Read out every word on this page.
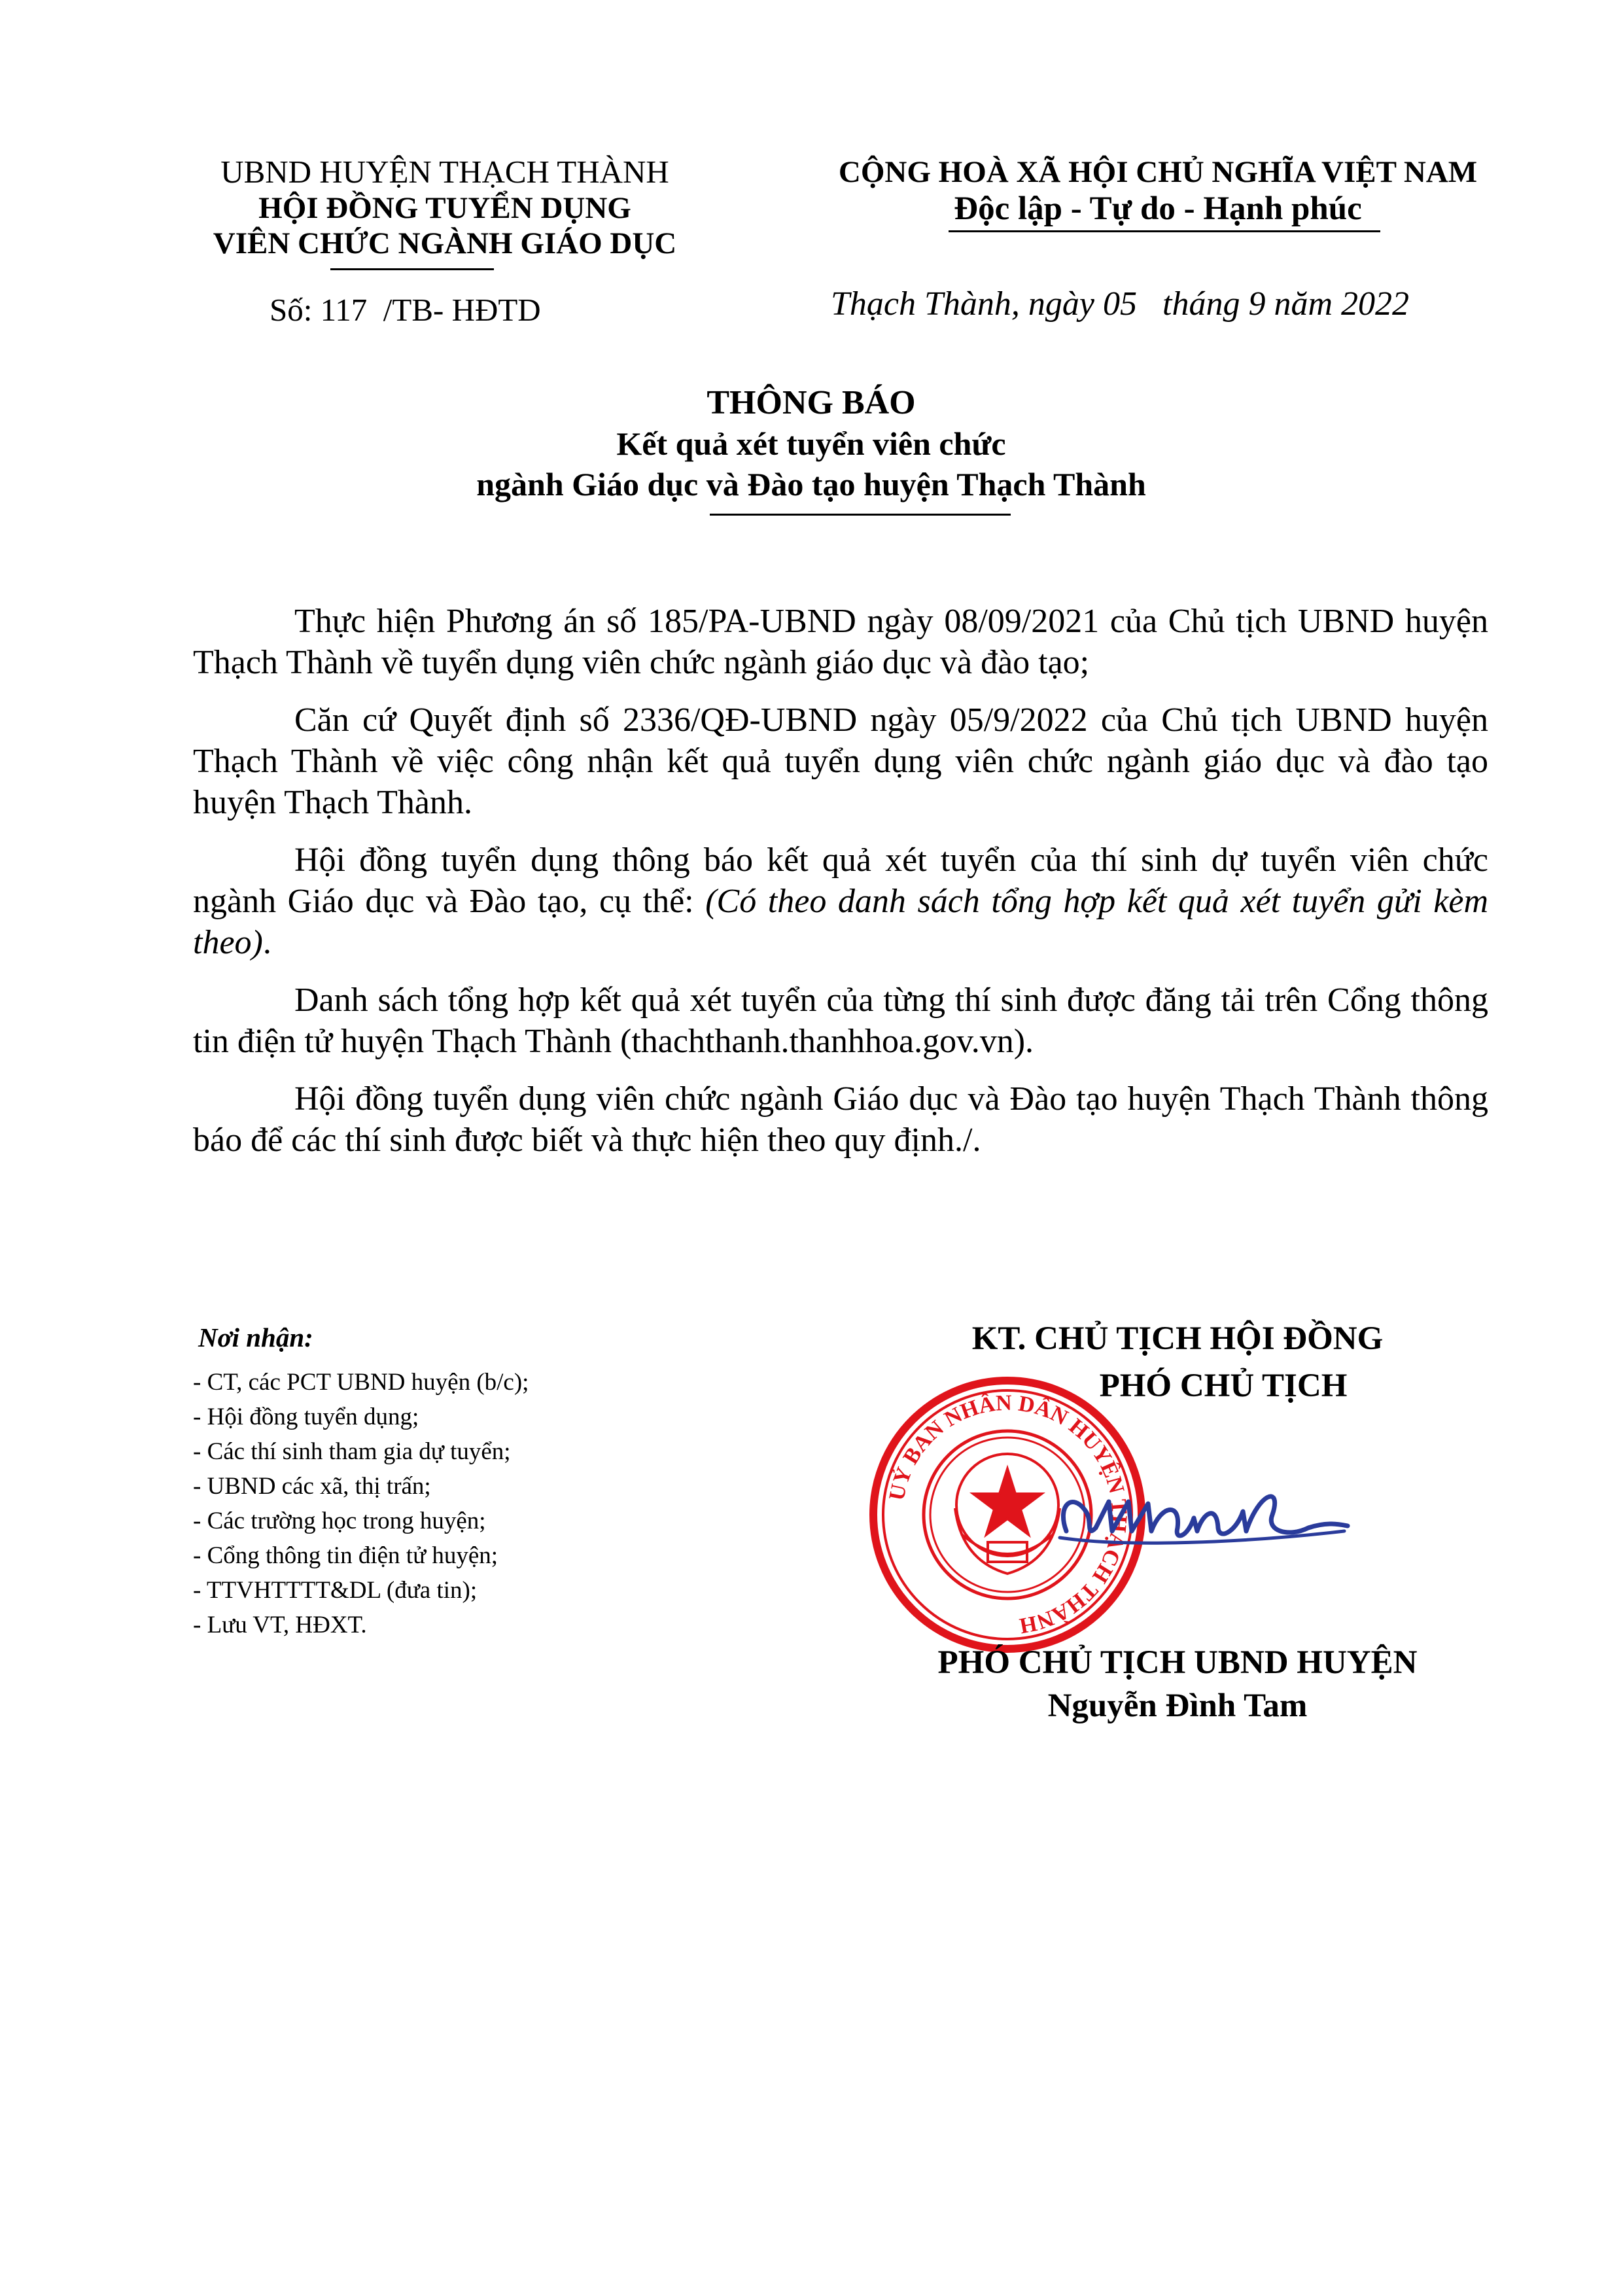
UBND HUYỆN THẠCH THÀNH
HỘI ĐỒNG TUYỂN DỤNG
VIÊN CHỨC NGÀNH GIÁO DỤC
Số: 117  /TB- HĐTD
CỘNG HOÀ XÃ HỘI CHỦ NGHĨA VIỆT NAM
Độc lập - Tự do - Hạnh phúc
Thạch Thành, ngày 05   tháng 9 năm 2022
THÔNG BÁO
Kết quả xét tuyển viên chức
ngành Giáo dục và Đào tạo huyện Thạch Thành

Thực hiện Phương án số 185/PA-UBND ngày 08/09/2021 của Chủ tịch UBND huyện Thạch Thành về tuyển dụng viên chức ngành giáo dục và đào tạo;

Căn cứ Quyết định số 2336/QĐ-UBND ngày 05/9/2022 của Chủ tịch UBND huyện Thạch Thành về việc công nhận kết quả tuyển dụng viên chức ngành giáo dục và đào tạo huyện Thạch Thành.

Hội đồng tuyển dụng thông báo kết quả xét tuyển của thí sinh dự tuyển viên chức ngành Giáo dục và Đào tạo, cụ thể: (Có theo danh sách tổng hợp kết quả xét tuyển gửi kèm theo).

Danh sách tổng hợp kết quả xét tuyển của từng thí sinh được đăng tải trên Cổng thông tin điện tử huyện Thạch Thành (thachthanh.thanhhoa.gov.vn).

Hội đồng tuyển dụng viên chức ngành Giáo dục và Đào tạo huyện Thạch Thành thông báo để các thí sinh được biết và thực hiện theo quy định./.

Nơi nhận:
- CT, các PCT UBND huyện (b/c);
- Hội đồng tuyển dụng;
- Các thí sinh tham gia dự tuyển;
- UBND các xã, thị trấn;
- Các trường học trong huyện;
- Cổng thông tin điện tử huyện;
- TTVHTTTT&DL (đưa tin);
- Lưu VT, HĐXT.
KT. CHỦ TỊCH HỘI ĐỒNG
PHÓ CHỦ TỊCH
UỶ BAN NHÂN DÂN HUYỆN THẠCH THÀNH
PHÓ CHỦ TỊCH UBND HUYỆN
Nguyễn Đình Tam
